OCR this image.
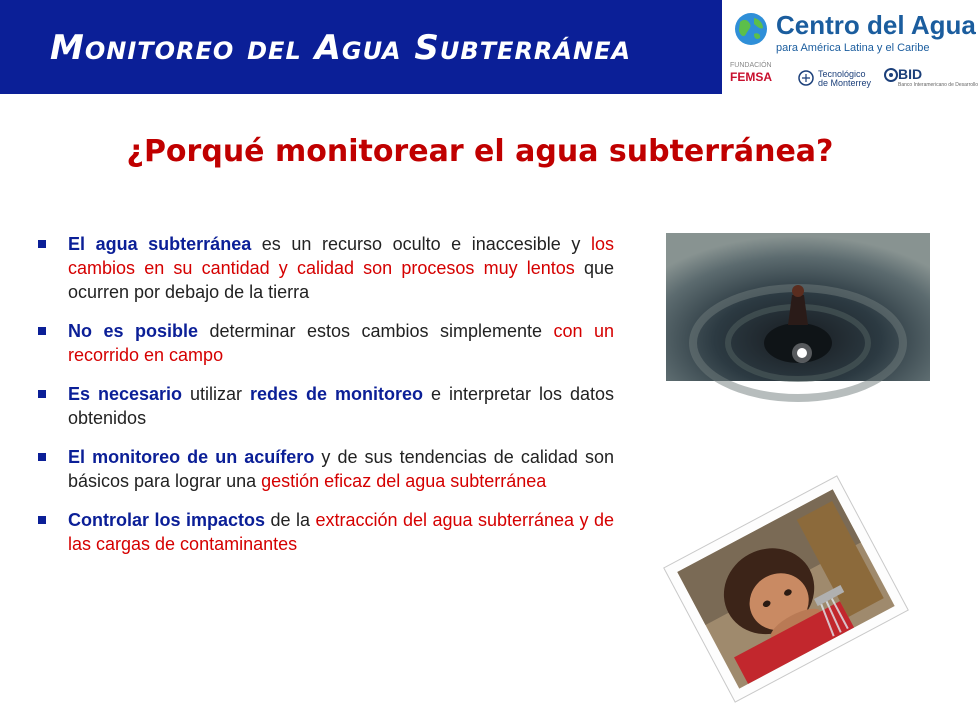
Monitoreo del Agua Subterránea
Centro del Agua
para América Latina y el Caribe
FUNDACIÓN
FEMSA	Tecnológico
de Monterrey
BID
Banco Interamericano de Desarrollo
¿Porqué monitorear el agua subterránea?
El agua subterránea es un recurso oculto e inaccesible y los cambios en su cantidad y calidad son procesos muy lentos que ocurren por debajo de la tierra
No es posible determinar estos cambios simplemente con un recorrido en campo
Es necesario utilizar redes de monitoreo e interpretar los datos obtenidos
El monitoreo de un acuífero y de sus tendencias de calidad son básicos para lograr una gestión eficaz del agua subterránea
Controlar los impactos de la extracción del agua subterránea y de las cargas de contaminantes
